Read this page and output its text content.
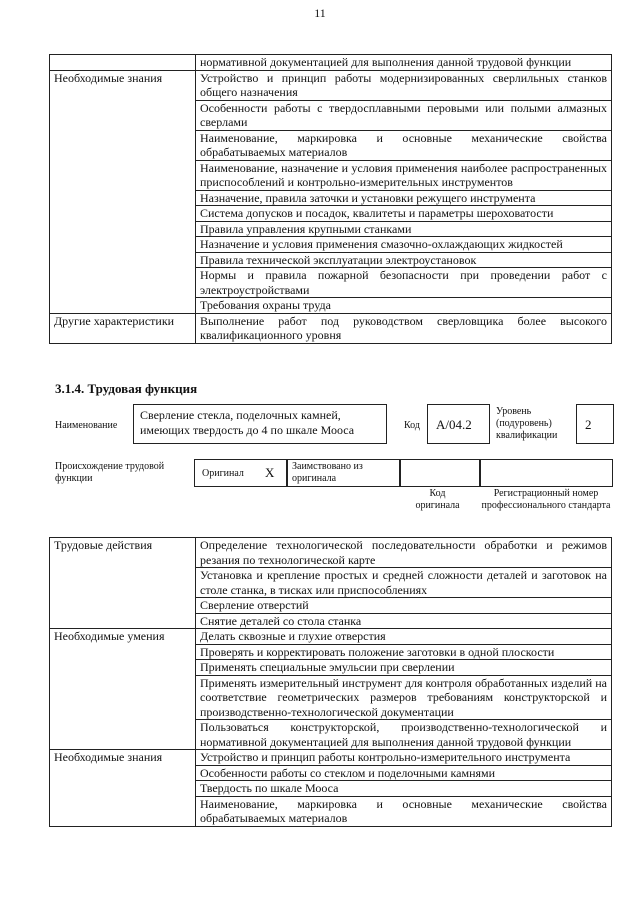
11
	нормативной документацией для выполнения данной трудовой функции
Необходимые знания	Устройство и принцип работы модернизированных сверлильных станков общего назначения
	Особенности работы с твердосплавными перовыми или полыми алмазных сверлами
	Наименование, маркировка и основные механические свойства обрабатываемых материалов
	Наименование, назначение и условия применения наиболее распространенных приспособлений и контрольно-измерительных инструментов
	Назначение, правила заточки и установки режущего инструмента
	Система допусков и посадок, квалитеты и параметры шероховатости
	Правила управления крупными станками
	Назначение и условия применения смазочно-охлаждающих жидкостей
	Правила технической эксплуатации электроустановок
	Нормы и правила пожарной безопасности при проведении работ с электроустройствами
	Требования охраны труда
Другие характеристики	Выполнение работ под руководством сверловщика более высокого квалификационного уровня
3.1.4. Трудовая функция
Наименование
Сверление стекла, поделочных камней, имеющих твердость до 4 по шкале Мооса	Код	А/04.2
Уровень (подуровень) квалификации
2
Происхождение трудовой функции	Оригинал Х Заимствовано из оригинала
Код оригинала
Регистрационный номер профессионального стандарта
Трудовые действия	Определение технологической последовательности обработки и режимов резания по технологической карте
	Установка и крепление простых и средней сложности деталей и заготовок на столе станка, в тисках или приспособлениях
	Сверление отверстий
	Снятие деталей со стола станка
Необходимые умения	Делать сквозные и глухие отверстия
	Проверять и корректировать положение заготовки в одной плоскости
	Применять специальные эмульсии при сверлении
	Применять измерительный инструмент для контроля обработанных изделий на соответствие геометрических размеров требованиям конструкторской и производственно-технологической документации
	Пользоваться конструкторской, производственно-технологической и нормативной документацией для выполнения данной трудовой функции
Необходимые знания	Устройство и принцип работы контрольно-измерительного инструмента
	Особенности работы со стеклом и поделочными камнями
	Твердость по шкале Мооса
	Наименование, маркировка и основные механические свойства обрабатываемых материалов
